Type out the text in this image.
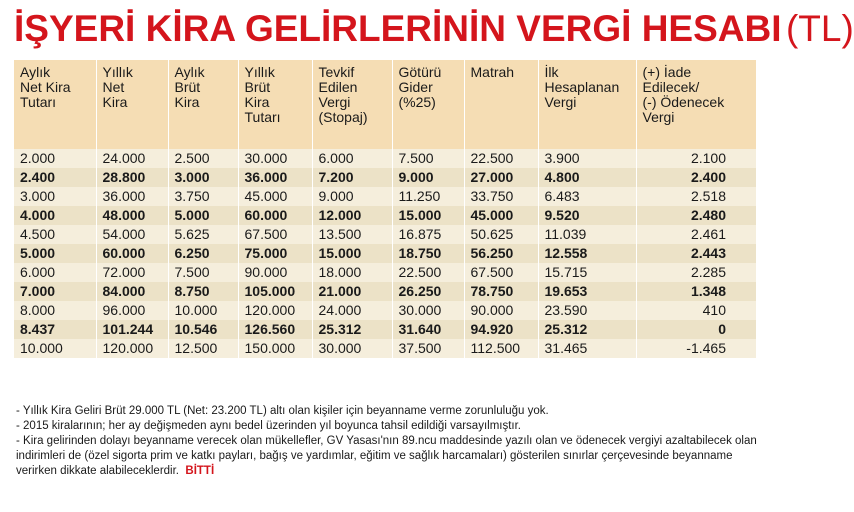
İŞYERİ KİRA GELİRLERİNİN VERGİ HESABI (TL)
Aylık
Net Kira
Tutarı	Yıllık
Net
Kira	Aylık
Brüt
Kira	Yıllık
Brüt
Kira
Tutarı	Tevkif
Edilen
Vergi
(Stopaj)	Götürü
Gider
(%25)	Matrah	İlk
Hesaplanan
Vergi	(+) İade
Edilecek/
(-) Ödenecek
Vergi
2.000	24.000	2.500	30.000	6.000	7.500	22.500	3.900	2.100
2.400	28.800	3.000	36.000	7.200	9.000	27.000	4.800	2.400
3.000	36.000	3.750	45.000	9.000	11.250	33.750	6.483	2.518
4.000	48.000	5.000	60.000	12.000	15.000	45.000	9.520	2.480
4.500	54.000	5.625	67.500	13.500	16.875	50.625	11.039	2.461
5.000	60.000	6.250	75.000	15.000	18.750	56.250	12.558	2.443
6.000	72.000	7.500	90.000	18.000	22.500	67.500	15.715	2.285
7.000	84.000	8.750	105.000	21.000	26.250	78.750	19.653	1.348
8.000	96.000	10.000	120.000	24.000	30.000	90.000	23.590	410
8.437	101.244	10.546	126.560	25.312	31.640	94.920	25.312	0
10.000	120.000	12.500	150.000	30.000	37.500	112.500	31.465	-1.465

- Yıllık Kira Geliri Brüt 29.000 TL (Net: 23.200 TL) altı olan kişiler için beyanname verme zorunluluğu yok.

- 2015 kiralarının; her ay değişmeden aynı bedel üzerinden yıl boyunca tahsil edildiği varsayılmıştır.

- Kira gelirinden dolayı beyanname verecek olan mükellefler, GV Yasası'nın 89.ncu maddesinde yazılı olan ve ödenecek vergiyi azaltabilecek olan indirimleri de (özel sigorta prim ve katkı payları, bağış ve yardımlar, eğitim ve sağlık harcamaları) gösterilen sınırlar çerçevesinde beyanname verirken dikkate alabileceklerdir. BİTTİ
